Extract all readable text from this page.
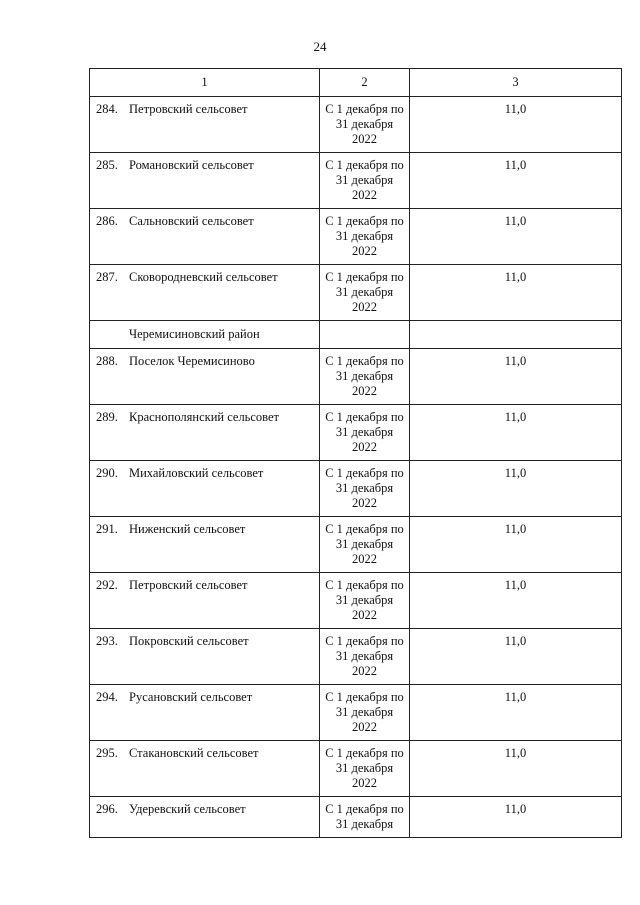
24
1	2	3

284. Петровский сельсовет	С 1 декабря по
31 декабря
2022	11,0

285. Романовский сельсовет	С 1 декабря по
31 декабря
2022	11,0

286. Сальновский сельсовет	С 1 декабря по
31 декабря
2022	11,0

287. Сковородневский сельсовет	С 1 декабря по
31 декабря
2022	11,0

Черемисиновский район		

288. Поселок Черемисиново	С 1 декабря по
31 декабря
2022	11,0

289. Краснополянский сельсовет	С 1 декабря по
31 декабря
2022	11,0

290. Михайловский сельсовет	С 1 декабря по
31 декабря
2022	11,0

291. Ниженский сельсовет	С 1 декабря по
31 декабря
2022	11,0

292. Петровский сельсовет	С 1 декабря по
31 декабря
2022	11,0

293. Покровский сельсовет	С 1 декабря по
31 декабря
2022	11,0

294. Русановский сельсовет	С 1 декабря по
31 декабря
2022	11,0

295. Стакановский сельсовет	С 1 декабря по
31 декабря
2022	11,0

296. Удеревский сельсовет	С 1 декабря по
31 декабря	11,0
